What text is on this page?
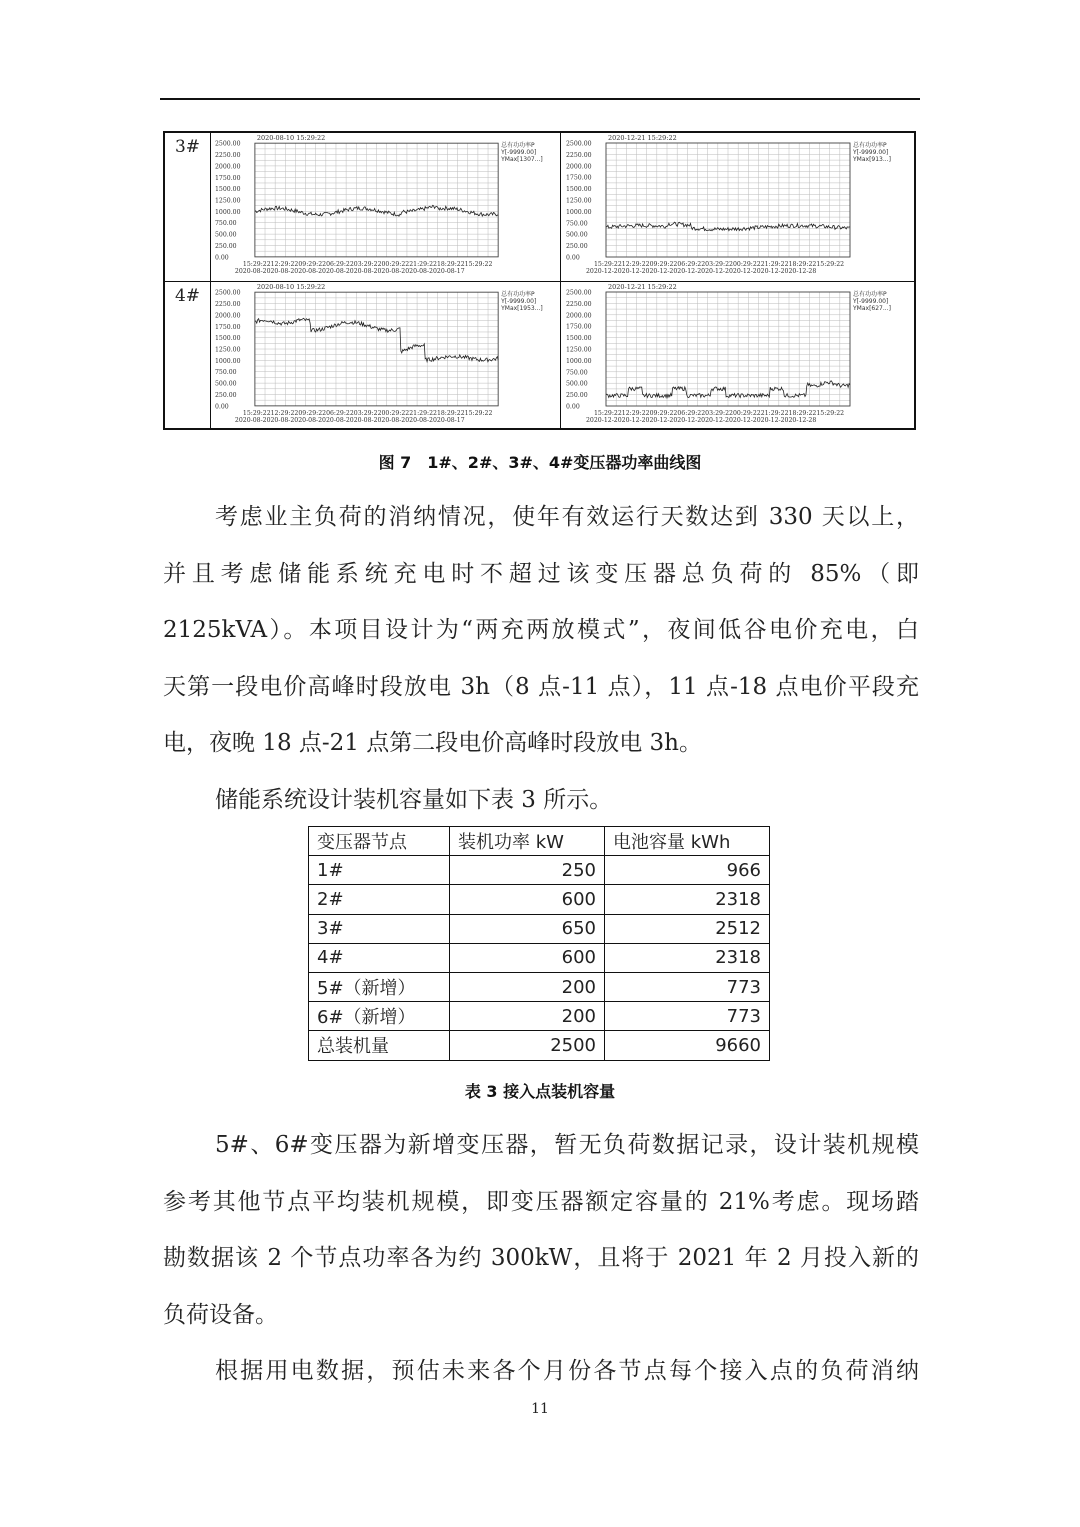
3#	2500.00
2250.00
2000.00
1750.00
1500.00
1250.00
1000.00
750.00
500.00
250.00
0.00
2020-08-10 15:29:22
总有功功率P
Y[-9999.00]
YMax[1307...]
15:29:2212:29:2209:29:2206:29:2203:29:2200:29:2221:29:2218:29:2215:29:22
2020-08-2020-08-2020-08-2020-08-2020-08-2020-08-2020-08-2020-08-17
2500.00
2250.00
2000.00
1750.00
1500.00
1250.00
1000.00
750.00
500.00
250.00
0.00
2020-12-21 15:29:22
总有功功率P
Y[-9999.00]
YMax[913...]
15:29:2212:29:2209:29:2206:29:2203:29:2200:29:2221:29:2218:29:2215:29:22
2020-12-2020-12-2020-12-2020-12-2020-12-2020-12-2020-12-2020-12-28
4#	2500.00
2250.00
2000.00
1750.00
1500.00
1250.00
1000.00
750.00
500.00
250.00
0.00
2020-08-10 15:29:22
总有功功率P
Y[-9999.00]
YMax[1953...]
15:29:2212:29:2209:29:2206:29:2203:29:2200:29:2221:29:2218:29:2215:29:22
2020-08-2020-08-2020-08-2020-08-2020-08-2020-08-2020-08-2020-08-17
2500.00
2250.00
2000.00
1750.00
1500.00
1250.00
1000.00
750.00
500.00
250.00
0.00
2020-12-21 15:29:22
总有功功率P
Y[-9999.00]
YMax[627...]
15:29:2212:29:2209:29:2206:29:2203:29:2200:29:2221:29:2218:29:2215:29:22
2020-12-2020-12-2020-12-2020-12-2020-12-2020-12-2020-12-2020-12-28
图 7　1#、2#、3#、4#变压器功率曲线图
考虑业主负荷的消纳情况，使年有效运行天数达到 330 天以上，
并且考虑储能系统充电时不超过该变压器总负荷的 85%（即
2125kVA）。本项目设计为“两充两放模式”，夜间低谷电价充电，白
天第一段电价高峰时段放电 3h（8 点-11 点），11 点-18 点电价平段充
电，夜晚 18 点-21 点第二段电价高峰时段放电 3h。
储能系统设计装机容量如下表 3 所示。
变压器节点	装机功率 kW	电池容量 kWh
1#	250	966
2#	600	2318
3#	650	2512
4#	600	2318
5#（新增）	200	773
6#（新增）	200	773
总装机量	2500	9660
表 3 接入点装机容量
5#、6#变压器为新增变压器，暂无负荷数据记录，设计装机规模
参考其他节点平均装机规模，即变压器额定容量的 21%考虑。现场踏
勘数据该 2 个节点功率各为约 300kW，且将于 2021 年 2 月投入新的
负荷设备。
根据用电数据，预估未来各个月份各节点每个接入点的负荷消纳
11
